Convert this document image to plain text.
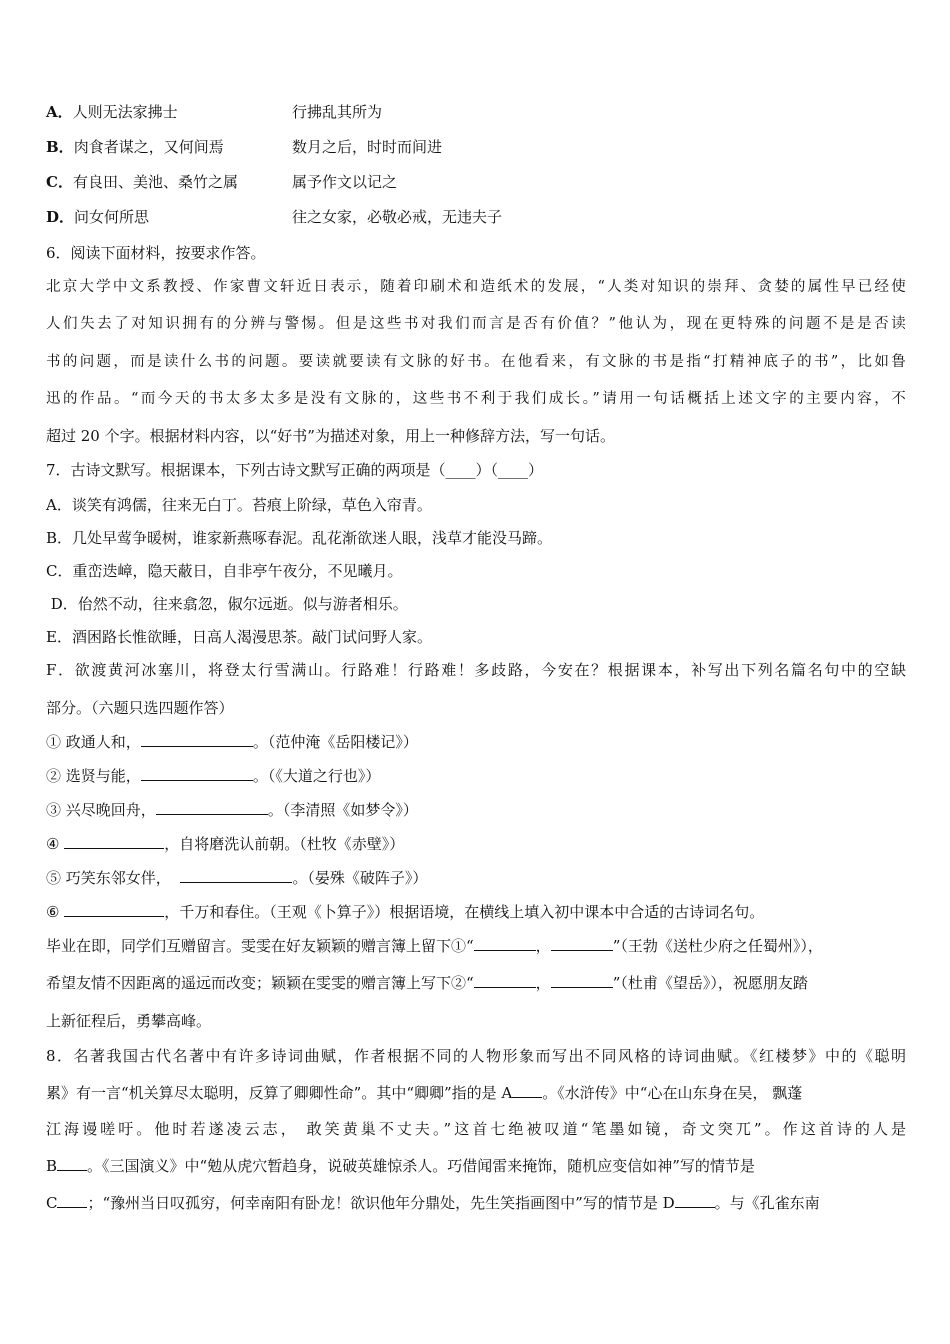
A．人则无法家拂士	行拂乱其所为
B．肉食者谋之，又何间焉	数月之后，时时而间进
C．有良田、美池、桑竹之属	属予作文以记之
D．问女何所思	往之女家，必敬必戒，无违夫子
6．阅读下面材料，按要求作答。
北京大学中文系教授、作家曹文轩近日表示，随着印刷术和造纸术的发展，“人类对知识的崇拜、贪婪的属性早已经使
人们失去了对知识拥有的分辨与警惕。但是这些书对我们而言是否有价值？”他认为，现在更特殊的问题不是是否读
书的问题，而是读什么书的问题。要读就要读有文脉的好书。在他看来，有文脉的书是指“打精神底子的书”，比如鲁
迅的作品。“而今天的书太多太多是没有文脉的，这些书不利于我们成长。”请用一句话概括上述文字的主要内容，不
超过 20 个字。根据材料内容，以“好书”为描述对象，用上一种修辞方法，写一句话。
7．古诗文默写。根据课本，下列古诗文默写正确的两项是（____）（____）
A．谈笑有鸿儒，往来无白丁。苔痕上阶绿，草色入帘青。
B．几处早莺争暖树，谁家新燕啄春泥。乱花渐欲迷人眼，浅草才能没马蹄。
C．重峦迭嶂，隐天蔽日，自非亭午夜分，不见曦月。
D．佁然不动，往来翕忽，俶尔远逝。似与游者相乐。
E．酒困路长惟欲睡，日高人渴漫思茶。敲门试问野人家。
F．欲渡黄河冰塞川，将登太行雪满山。行路难！行路难！多歧路，今安在？根据课本，补写出下列名篇名句中的空缺
部分。（六题只选四题作答）
① 政通人和，	。（范仲淹《岳阳楼记》）
② 选贤与能，	。（《大道之行也》）
③ 兴尽晚回舟，	。（李清照《如梦令》）
④	，自将磨洗认前朝。（杜牧《赤壁》）
⑤ 巧笑东邻女伴，	。（晏殊《破阵子》）
⑥	，千万和春住。（王观《卜算子》）根据语境，在横线上填入初中课本中合适的古诗词名句。
毕业在即，同学们互赠留言。雯雯在好友颖颖的赠言簿上留下①“	，	”（王勃《送杜少府之任蜀州》），
希望友情不因距离的遥远而改变；颖颖在雯雯的赠言簿上写下②“	，	”（杜甫《望岳》），祝愿朋友踏
上新征程后，勇攀高峰。
8．名著我国古代名著中有许多诗词曲赋，作者根据不同的人物形象而写出不同风格的诗词曲赋。《红楼梦》中的《聪明
累》有一言“机关算尽太聪明，反算了卿卿性命”。其中“卿卿”指的是 A 。《水浒传》中“心在山东身在吴， 飘蓬
江海谩嗟吁。他时若遂凌云志， 敢笑黄巢不丈夫。”这首七绝被叹道“笔墨如镜，奇文突兀”。作这首诗的人是
B 。《三国演义》中“勉从虎穴暂趋身，说破英雄惊杀人。巧借闻雷来掩饰，随机应变信如神”写的情节是
C ；“豫州当日叹孤穷，何幸南阳有卧龙！欲识他年分鼎处，先生笑指画图中”写的情节是 D	。与《孔雀东南
